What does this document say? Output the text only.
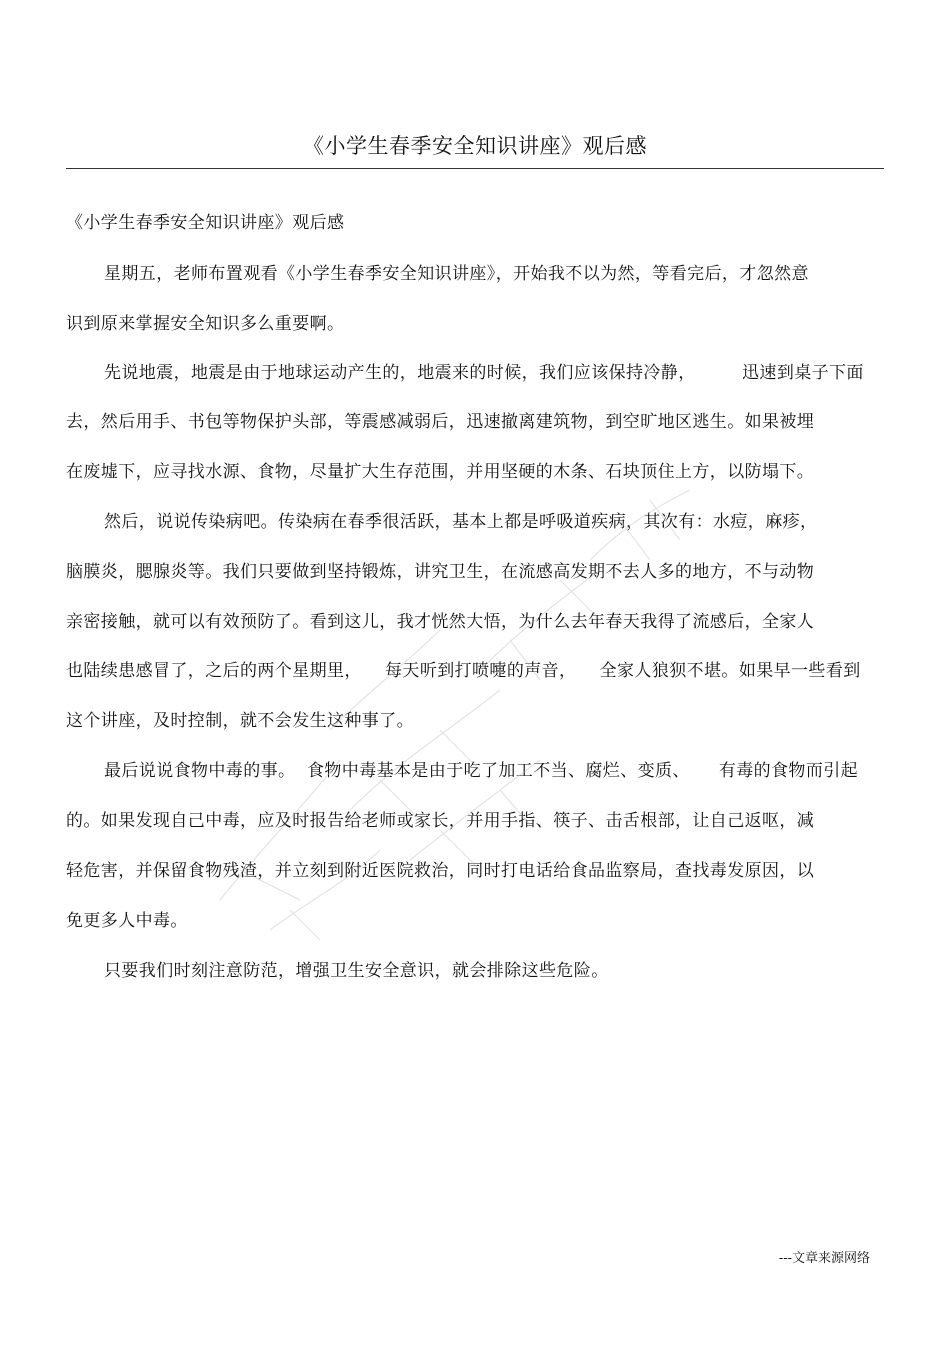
《小学生春季安全知识讲座》观后感
《小学生春季安全知识讲座》观后感
星期五，老师布置观看《小学生春季安全知识讲座》，开始我不以为然，等看完后，才忽然意
识到原来掌握安全知识多么重要啊。
先说地震，地震是由于地球运动产生的，地震来的时候，我们应该保持冷静，        迅速到桌子下面
去，然后用手、书包等物保护头部，等震感减弱后，迅速撤离建筑物，到空旷地区逃生。如果被埋
在废墟下，应寻找水源、食物，尽量扩大生存范围，并用坚硬的木条、石块顶住上方，以防塌下。
然后，说说传染病吧。传染病在春季很活跃，基本上都是呼吸道疾病，其次有：水痘，麻疹，
脑膜炎，腮腺炎等。我们只要做到坚持锻炼，讲究卫生，在流感高发期不去人多的地方，不与动物
亲密接触，就可以有效预防了。看到这儿，我才恍然大悟，为什么去年春天我得了流感后，全家人
也陆续患感冒了，之后的两个星期里，    每天听到打喷嚏的声音，    全家人狼狈不堪。如果早一些看到
这个讲座，及时控制，就不会发生这种事了。
最后说说食物中毒的事。  食物中毒基本是由于吃了加工不当、腐烂、变质、     有毒的食物而引起
的。如果发现自己中毒，应及时报告给老师或家长，并用手指、筷子、击舌根部，让自己返呕，减
轻危害，并保留食物残渣，并立刻到附近医院救治，同时打电话给食品监察局，查找毒发原因，以
免更多人中毒。
只要我们时刻注意防范，增强卫生安全意识，就会排除这些危险。
---文章来源网络
